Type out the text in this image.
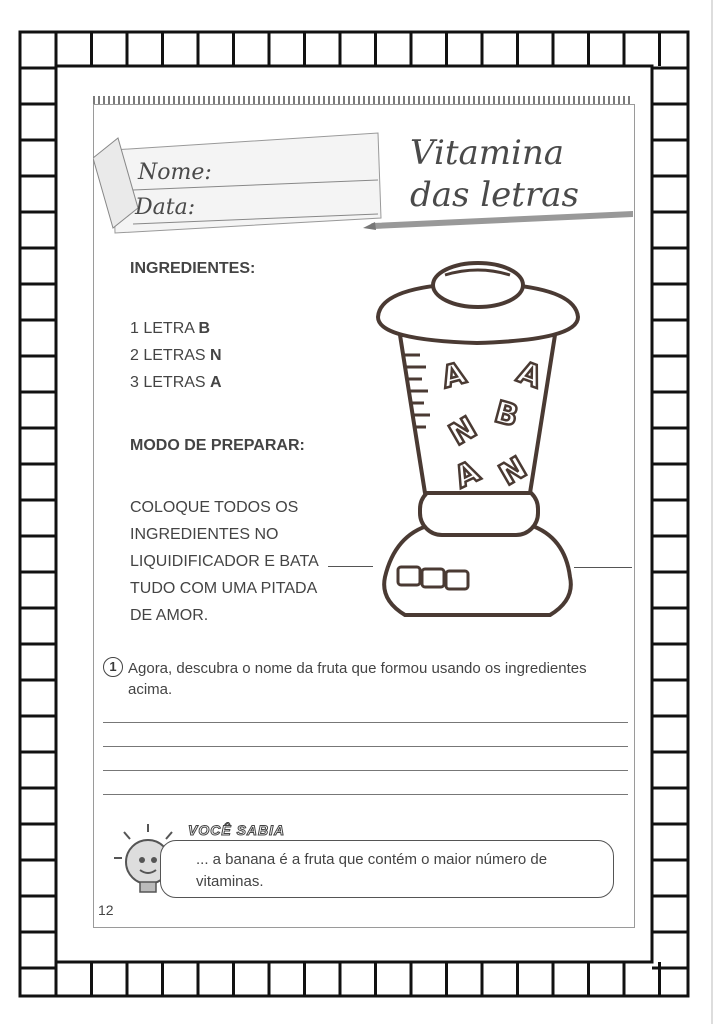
Nome:
Data:
Vitamina
das letras
INGREDIENTES:
1 LETRA B
2 LETRAS N
3 LETRAS A
MODO DE PREPARAR:
COLOQUE TODOS OS
INGREDIENTES NO
LIQUIDIFICADOR E BATA
TUDO COM UMA PITADA
DE AMOR.
A A
N B
A N
1 Agora, descubra o nome da fruta que formou usando os ingredientes acima.
VOCÊ SABIA
... a banana é a fruta que contém o maior número de vitaminas.
12
